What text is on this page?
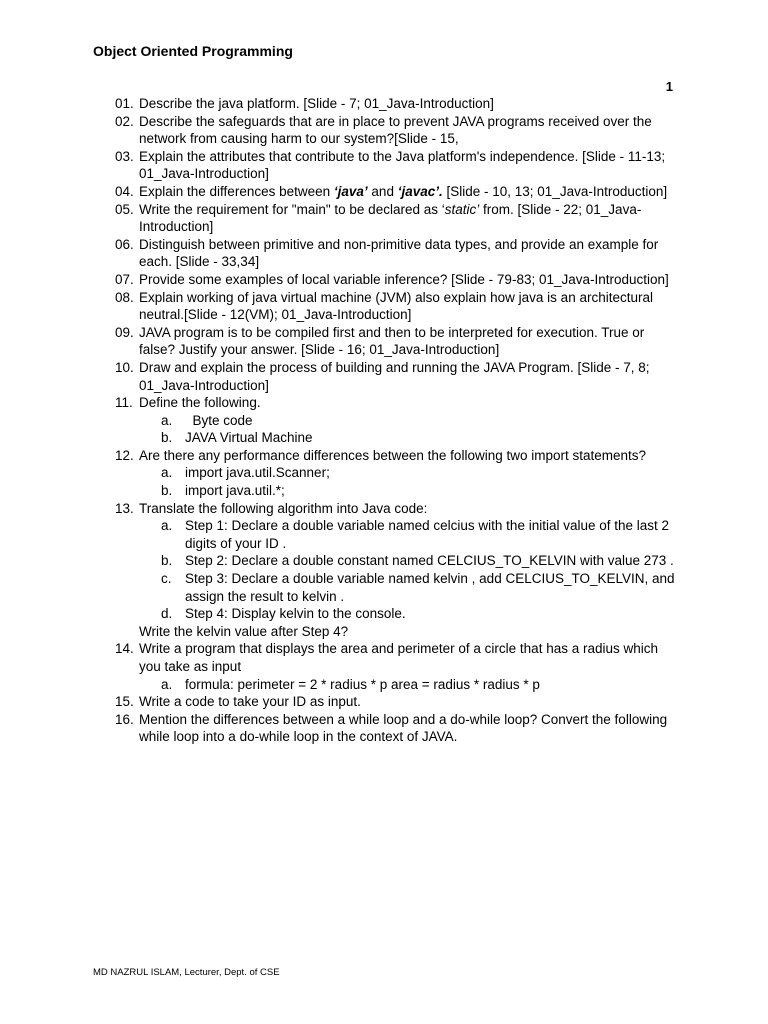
Object Oriented Programming
1
01. Describe the java platform. [Slide - 7; 01_Java-Introduction]
02. Describe the safeguards that are in place to prevent JAVA programs received over the network from causing harm to our system?[Slide - 15,
03. Explain the attributes that contribute to the Java platform's independence. [Slide - 11-13; 01_Java-Introduction]
04. Explain the differences between ‘java’ and ‘javac’. [Slide - 10, 13; 01_Java-Introduction]
05. Write the requirement for "main" to be declared as ‘static’ from. [Slide - 22; 01_Java-Introduction]
06. Distinguish between primitive and non-primitive data types, and provide an example for each. [Slide - 33,34]
07. Provide some examples of local variable inference? [Slide - 79-83; 01_Java-Introduction]
08. Explain working of java virtual machine (JVM) also explain how java is an architectural neutral.[Slide - 12(VM); 01_Java-Introduction]
09. JAVA program is to be compiled first and then to be interpreted for execution. True or false? Justify your answer. [Slide - 16; 01_Java-Introduction]
10. Draw and explain the process of building and running the JAVA Program. [Slide - 7, 8; 01_Java-Introduction]
11. Define the following.
a. Byte code
b. JAVA Virtual Machine
12. Are there any performance differences between the following two import statements?
a. import java.util.Scanner;
b. import java.util.*;
13. Translate the following algorithm into Java code:
a. Step 1: Declare a double variable named celcius with the initial value of the last 2 digits of your ID .
b. Step 2: Declare a double constant named CELCIUS_TO_KELVIN with value 273 .
c. Step 3: Declare a double variable named kelvin , add CELCIUS_TO_KELVIN, and assign the result to kelvin .
d. Step 4: Display kelvin to the console.
Write the kelvin value after Step 4?
14. Write a program that displays the area and perimeter of a circle that has a radius which you take as input
a. formula: perimeter = 2 * radius * p area = radius * radius * p
15. Write a code to take your ID as input.
16. Mention the differences between a while loop and a do-while loop? Convert the following while loop into a do-while loop in the context of JAVA.
MD NAZRUL ISLAM, Lecturer, Dept. of CSE
